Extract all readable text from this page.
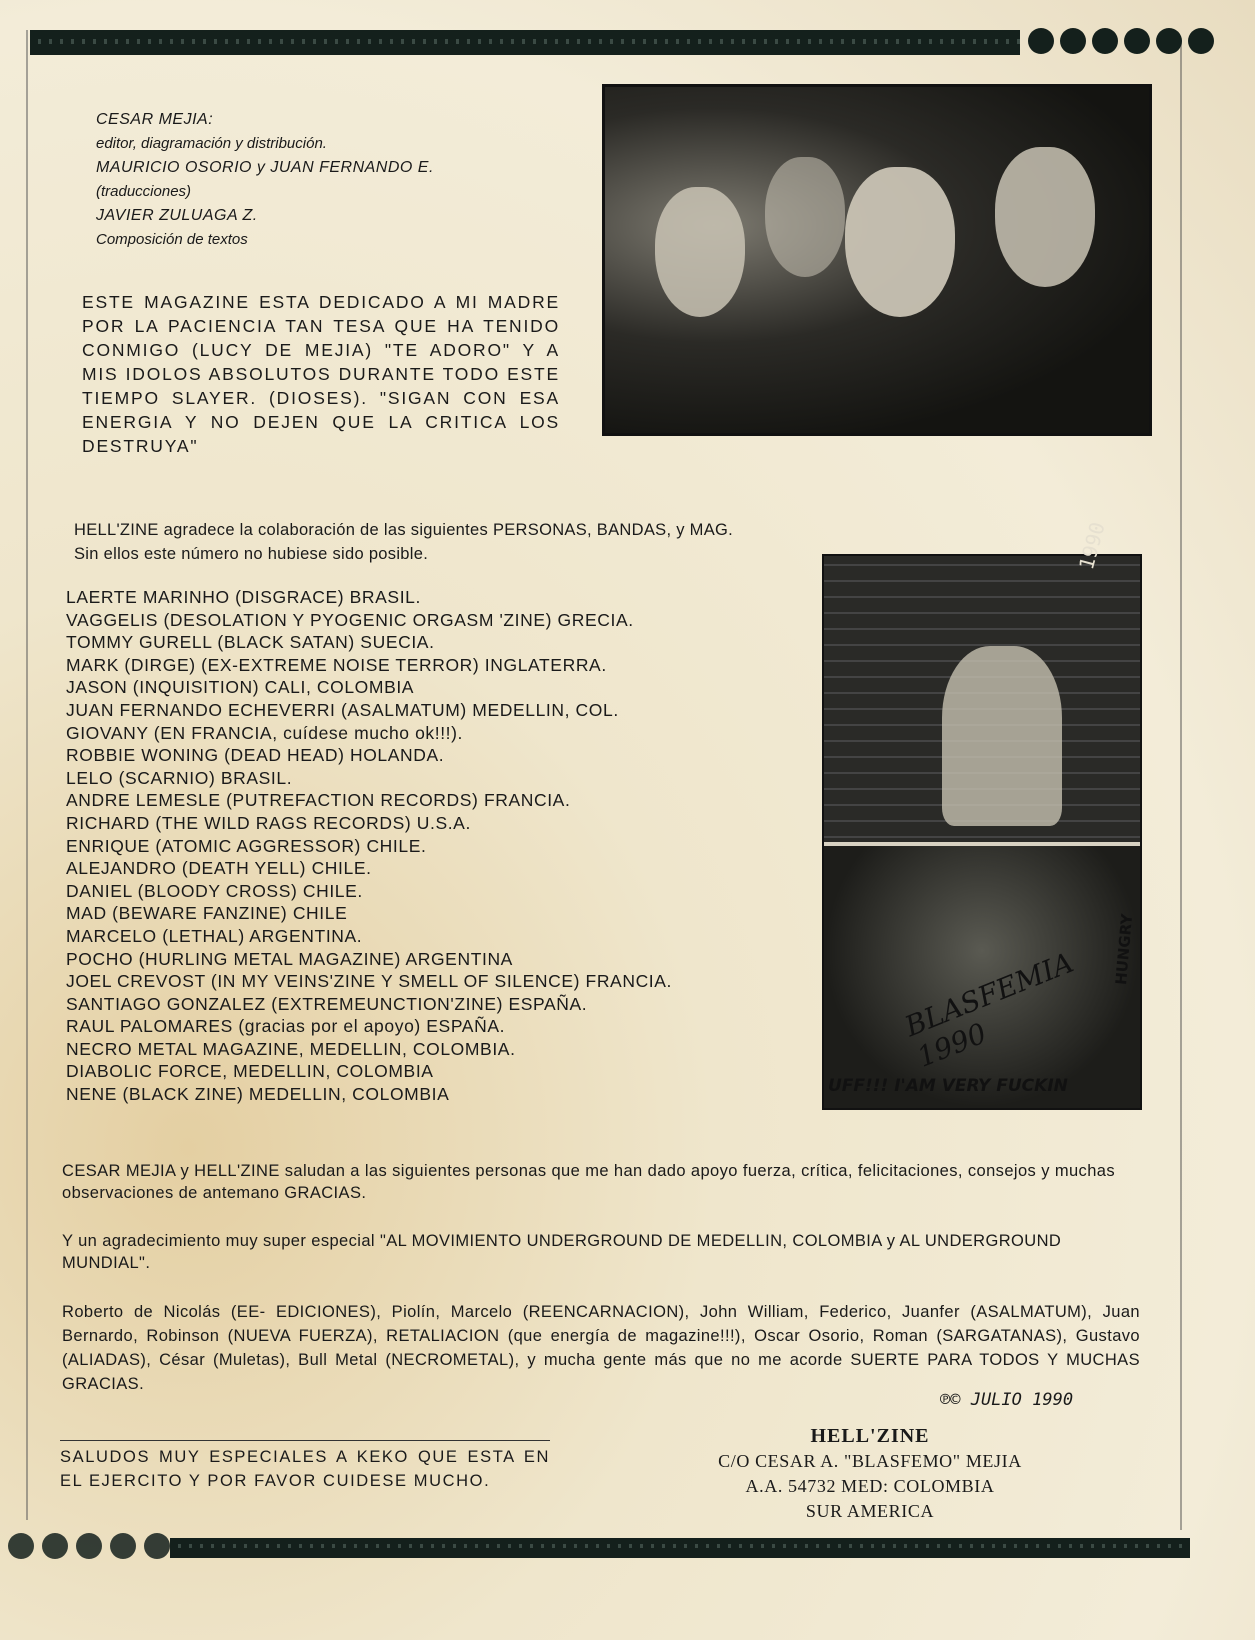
CESAR MEJIA:
editor, diagramación y distribución.
MAURICIO OSORIO y JUAN FERNANDO E.
(traducciones)
JAVIER ZULUAGA Z.
Composición de textos
ESTE MAGAZINE ESTA DEDICADO A MI MADRE POR LA PACIENCIA TAN TESA QUE HA TENIDO CONMIGO (LUCY DE MEJIA) "TE ADORO" Y A MIS IDOLOS ABSOLUTOS DURANTE TODO ESTE TIEMPO SLAYER. (DIOSES). "SIGAN CON ESA ENERGIA Y NO DEJEN QUE LA CRITICA LOS DESTRUYA"
HELL'ZINE agradece la colaboración de las siguientes PERSONAS, BANDAS, y MAG.
Sin ellos este número no hubiese sido posible.
LAERTE MARINHO (DISGRACE) BRASIL.
VAGGELIS (DESOLATION Y PYOGENIC ORGASM 'ZINE) GRECIA.
TOMMY GURELL (BLACK SATAN) SUECIA.
MARK (DIRGE) (EX-EXTREME NOISE TERROR) INGLATERRA.
JASON (INQUISITION) CALI, COLOMBIA
JUAN FERNANDO ECHEVERRI (ASALMATUM) MEDELLIN, COL.
GIOVANY (EN FRANCIA, cuídese mucho ok!!!).
ROBBIE WONING (DEAD HEAD) HOLANDA.
LELO (SCARNIO) BRASIL.
ANDRE LEMESLE (PUTREFACTION RECORDS) FRANCIA.
RICHARD (THE WILD RAGS RECORDS) U.S.A.
ENRIQUE (ATOMIC AGGRESSOR) CHILE.
ALEJANDRO (DEATH YELL) CHILE.
DANIEL (BLOODY CROSS) CHILE.
MAD (BEWARE FANZINE) CHILE
MARCELO (LETHAL) ARGENTINA.
POCHO (HURLING METAL MAGAZINE) ARGENTINA
JOEL CREVOST (IN MY VEINS'ZINE Y SMELL OF SILENCE) FRANCIA.
SANTIAGO GONZALEZ (EXTREMEUNCTION'ZINE) ESPAÑA.
RAUL PALOMARES (gracias por el apoyo) ESPAÑA.
NECRO METAL MAGAZINE, MEDELLIN, COLOMBIA.
DIABOLIC FORCE, MEDELLIN, COLOMBIA
NENE (BLACK ZINE) MEDELLIN, COLOMBIA
1990
BLASFEMIA 1990
UFF!!! I'AM VERY FUCKIN
HUNGRY
CESAR MEJIA y HELL'ZINE saludan a las siguientes personas que me han dado apoyo fuerza, crítica, felicitaciones, consejos y muchas observaciones de antemano GRACIAS.
Y un agradecimiento muy super especial "AL MOVIMIENTO UNDERGROUND DE MEDELLIN, COLOMBIA y AL UNDERGROUND MUNDIAL".
Roberto de Nicolás (EE- EDICIONES), Piolín, Marcelo (REENCARNACION), John William, Federico, Juanfer (ASALMATUM), Juan Bernardo, Robinson (NUEVA FUERZA), RETALIACION (que energía de magazine!!!), Oscar Osorio, Roman (SARGATANAS), Gustavo (ALIADAS), César (Muletas), Bull Metal (NECROMETAL), y mucha gente más que no me acorde SUERTE PARA TODOS Y MUCHAS GRACIAS.
℗© JULIO 1990
SALUDOS MUY ESPECIALES A KEKO QUE ESTA EN EL EJERCITO Y POR FAVOR CUIDESE MUCHO.
HELL'ZINE
C/O CESAR A. "BLASFEMO" MEJIA
A.A. 54732 MED: COLOMBIA
SUR AMERICA
